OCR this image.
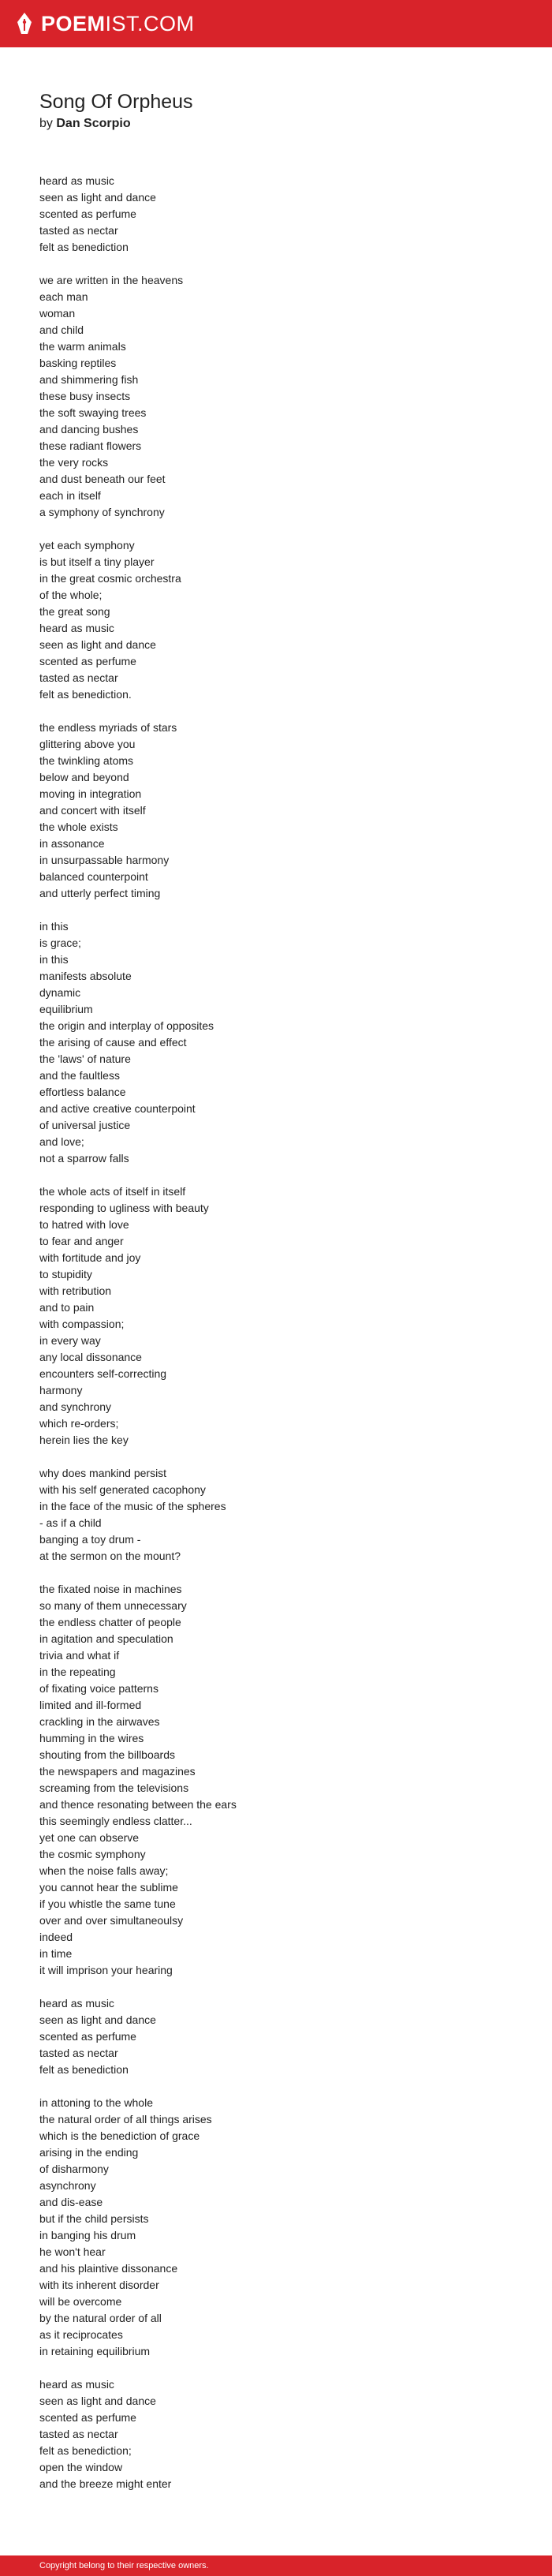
POEMIST.COM
Song Of Orpheus
by Dan Scorpio
heard as music
seen as light and dance
scented as perfume
tasted as nectar
felt as benediction
we are written in the heavens
each man
woman
and child
the warm animals
basking reptiles
and shimmering fish
these busy insects
the soft swaying trees
and dancing bushes
these radiant flowers
the very rocks
and dust beneath our feet
each in itself
a symphony of synchrony
yet each symphony
is but itself a tiny player
in the great cosmic orchestra
of the whole;
the great song
heard as music
seen as light and dance
scented as perfume
tasted as nectar
felt as benediction.
the endless myriads of stars
glittering above you
the twinkling atoms
below and beyond
moving in integration
and concert with itself
the whole exists
in assonance
in unsurpassable harmony
balanced counterpoint
and utterly perfect timing
in this
is grace;
in this
manifests absolute
dynamic
equilibrium
the origin and interplay of opposites
the arising of cause and effect
the 'laws' of nature
and the faultless
effortless balance
and active creative counterpoint
of universal justice
and love;
not a sparrow falls
the whole acts of itself in itself
responding to ugliness with beauty
to hatred with love
to fear and anger
with fortitude and joy
to stupidity
with retribution
and to pain
with compassion;
in every way
any local dissonance
encounters self-correcting
harmony
and synchrony
which re-orders;
herein lies the key
why does mankind persist
with his self generated cacophony
in the face of the music of the spheres
- as if a child
banging a toy drum -
at the sermon on the mount?
the fixated noise in machines
so many of them unnecessary
the endless chatter of people
in agitation and speculation
trivia and what if
in the repeating
of fixating voice patterns
limited and ill-formed
crackling in the airwaves
humming in the wires
shouting from the billboards
the newspapers and magazines
screaming from the televisions
and thence resonating between the ears
this seemingly endless clatter...
yet one can observe
the cosmic symphony
when the noise falls away;
you cannot hear the sublime
if you whistle the same tune
over and over simultaneoulsy
indeed
in time
it will imprison your hearing
heard as music
seen as light and dance
scented as perfume
tasted as nectar
felt as benediction
in attoning to the whole
the natural order of all things arises
which is the benediction of grace
arising in the ending
of disharmony
asynchrony
and dis-ease
but if the child persists
in banging his drum
he won't hear
and his plaintive dissonance
with its inherent disorder
will be overcome
by the natural order of all
as it reciprocates
in retaining equilibrium
heard as music
seen as light and dance
scented as perfume
tasted as nectar
felt as benediction;
open the window
and the breeze might enter
Copyright belong to their respective owners.
